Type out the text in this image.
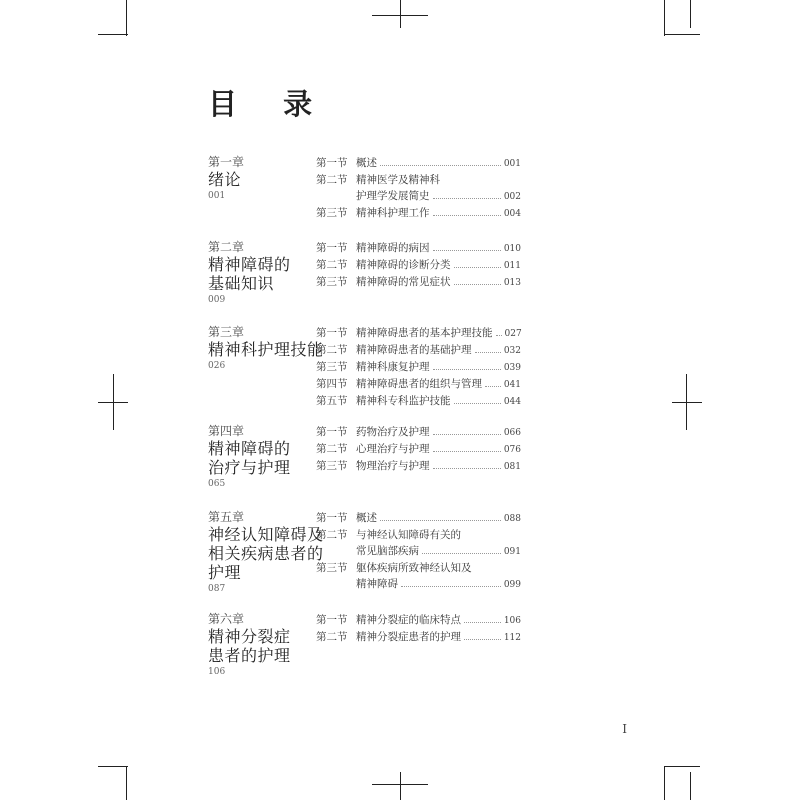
目 录
第一章
绪论
001
第一节 概述	001
第二节 精神医学及精神科
护理学发展简史	002
第三节 精神科护理工作	004
第二章
精神障碍的
基础知识
009
第一节 精神障碍的病因	010
第二节 精神障碍的诊断分类	011
第三节 精神障碍的常见症状	013
第三章
精神科护理技能
026
第一节 精神障碍患者的基本护理技能 027
第二节 精神障碍患者的基础护理	032
第三节 精神科康复护理	039
第四节 精神障碍患者的组织与管理 041
第五节 精神科专科监护技能	044
第四章
精神障碍的
治疗与护理
065
第一节 药物治疗及护理	066
第二节 心理治疗与护理	076
第三节 物理治疗与护理	081
第五章
神经认知障碍及
相关疾病患者的
护理
087
第一节 概述	088
第二节 与神经认知障碍有关的
常见脑部疾病	091
第三节 躯体疾病所致神经认知及
精神障碍	099
第六章
精神分裂症
患者的护理
106
第一节 精神分裂症的临床特点	106
第二节 精神分裂症患者的护理	112
I
